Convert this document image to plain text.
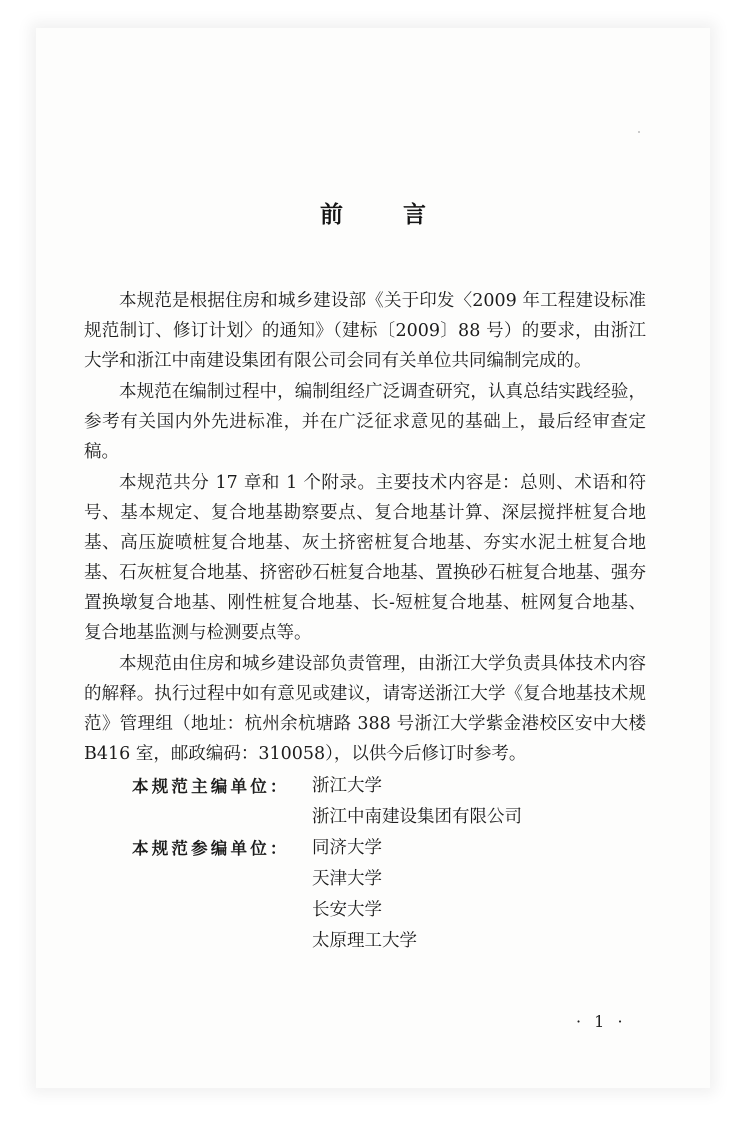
前	言

本规范是根据住房和城乡建设部《关于印发〈2009 年工程建设标准规范制订、修订计划〉的通知》（建标〔2009〕88 号）的要求，由浙江大学和浙江中南建设集团有限公司会同有关单位共同编制完成的。

本规范在编制过程中，编制组经广泛调查研究，认真总结实践经验，参考有关国内外先进标准，并在广泛征求意见的基础上，最后经审查定稿。

本规范共分 17 章和 1 个附录。主要技术内容是：总则、术语和符号、基本规定、复合地基勘察要点、复合地基计算、深层搅拌桩复合地基、高压旋喷桩复合地基、灰土挤密桩复合地基、夯实水泥土桩复合地基、石灰桩复合地基、挤密砂石桩复合地基、置换砂石桩复合地基、强夯置换墩复合地基、刚性桩复合地基、长-短桩复合地基、桩网复合地基、复合地基监测与检测要点等。

本规范由住房和城乡建设部负责管理，由浙江大学负责具体技术内容的解释。执行过程中如有意见或建议，请寄送浙江大学《复合地基技术规范》管理组（地址：杭州余杭塘路 388 号浙江大学紫金港校区安中大楼 B416 室，邮政编码：310058），以供今后修订时参考。

本规范主编单位：	浙江大学
浙江中南建设集团有限公司
本规范参编单位：	同济大学
天津大学
长安大学
太原理工大学
· 1 ·
